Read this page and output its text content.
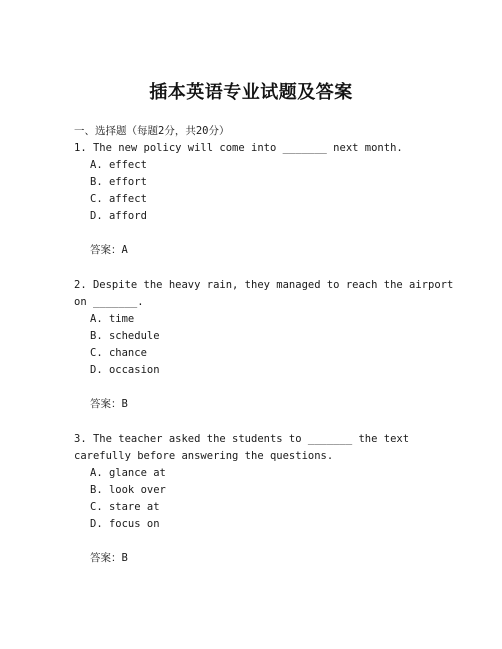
插本英语专业试题及答案
一、选择题（每题2分，共20分）
1. The new policy will come into _______ next month.
A. effect
B. effort
C. affect
D. afford
答案：A
2. Despite the heavy rain, they managed to reach the airport
on _______.
A. time
B. schedule
C. chance
D. occasion
答案：B
3. The teacher asked the students to _______ the text
carefully before answering the questions.
A. glance at
B. look over
C. stare at
D. focus on
答案：B
